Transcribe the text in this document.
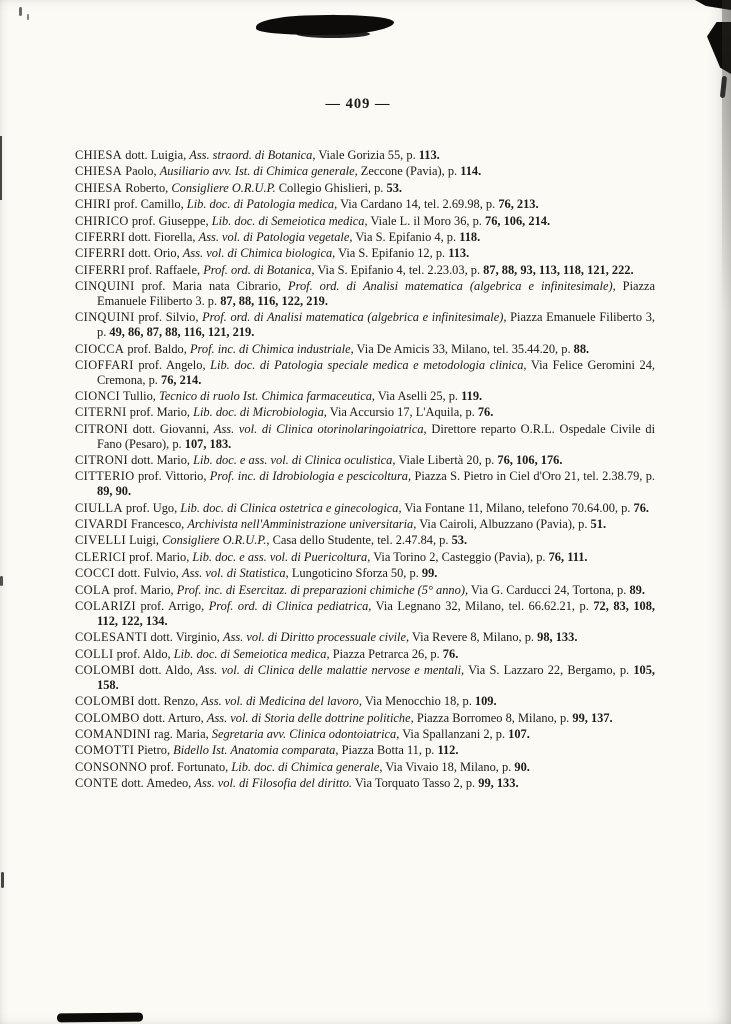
— 409 —

CHIESA dott. Luigia, Ass. straord. di Botanica, Viale Gorizia 55, p. 113.

CHIESA Paolo, Ausiliario avv. Ist. di Chimica generale, Zeccone (Pavia), p. 114.

CHIESA Roberto, Consigliere O.R.U.P. Collegio Ghislieri, p. 53.

CHIRI prof. Camillo, Lib. doc. di Patologia medica, Via Cardano 14, tel. 2.69.98, p. 76, 213.

CHIRICO prof. Giuseppe, Lib. doc. di Semeiotica medica, Viale L. il Moro 36, p. 76, 106, 214.

CIFERRI dott. Fiorella, Ass. vol. di Patologia vegetale, Via S. Epifanio 4, p. 118.

CIFERRI dott. Orio, Ass. vol. di Chimica biologica, Via S. Epifanio 12, p. 113.

CIFERRI prof. Raffaele, Prof. ord. di Botanica, Via S. Epifanio 4, tel. 2.23.03, p. 87, 88, 93, 113, 118, 121, 222.

CINQUINI prof. Maria nata Cibrario, Prof. ord. di Analisi matematica (algebrica e infinitesimale), Piazza Emanuele Filiberto 3. p. 87, 88, 116, 122, 219.

CINQUINI prof. Silvio, Prof. ord. di Analisi matematica (algebrica e infinitesimale), Piazza Emanuele Filiberto 3, p. 49, 86, 87, 88, 116, 121, 219.

CIOCCA prof. Baldo, Prof. inc. di Chimica industriale, Via De Amicis 33, Milano, tel. 35.44.20, p. 88.

CIOFFARI prof. Angelo, Lib. doc. di Patologia speciale medica e metodologia clinica, Via Felice Geromini 24, Cremona, p. 76, 214.

CIONCI Tullio, Tecnico di ruolo Ist. Chimica farmaceutica, Via Aselli 25, p. 119.

CITERNI prof. Mario, Lib. doc. di Microbiologia, Via Accursio 17, L'Aquila, p. 76.

CITRONI dott. Giovanni, Ass. vol. di Clinica otorinolaringoiatrica, Direttore reparto O.R.L. Ospedale Civile di Fano (Pesaro), p. 107, 183.

CITRONI dott. Mario, Lib. doc. e ass. vol. di Clinica oculistica, Viale Libertà 20, p. 76, 106, 176.

CITTERIO prof. Vittorio, Prof. inc. di Idrobiologia e pescicoltura, Piazza S. Pietro in Ciel d'Oro 21, tel. 2.38.79, p. 89, 90.

CIULLA prof. Ugo, Lib. doc. di Clinica ostetrica e ginecologica, Via Fontane 11, Milano, telefono 70.64.00, p. 76.

CIVARDI Francesco, Archivista nell'Amministrazione universitaria, Via Cairoli, Albuzzano (Pavia), p. 51.

CIVELLI Luigi, Consigliere O.R.U.P., Casa dello Studente, tel. 2.47.84, p. 53.

CLERICI prof. Mario, Lib. doc. e ass. vol. di Puericoltura, Via Torino 2, Casteggio (Pavia), p. 76, 111.

COCCI dott. Fulvio, Ass. vol. di Statistica, Lungoticino Sforza 50, p. 99.

COLA prof. Mario, Prof. inc. di Esercitaz. di preparazioni chimiche (5° anno), Via G. Carducci 24, Tortona, p. 89.

COLARIZI prof. Arrigo, Prof. ord. di Clinica pediatrica, Via Legnano 32, Milano, tel. 66.62.21, p. 72, 83, 108, 112, 122, 134.

COLESANTI dott. Virginio, Ass. vol. di Diritto processuale civile, Via Revere 8, Milano, p. 98, 133.

COLLI prof. Aldo, Lib. doc. di Semeiotica medica, Piazza Petrarca 26, p. 76.

COLOMBI dott. Aldo, Ass. vol. di Clinica delle malattie nervose e mentali, Via S. Lazzaro 22, Bergamo, p. 105, 158.

COLOMBI dott. Renzo, Ass. vol. di Medicina del lavoro, Via Menocchio 18, p. 109.

COLOMBO dott. Arturo, Ass. vol. di Storia delle dottrine politiche, Piazza Borromeo 8, Milano, p. 99, 137.

COMANDINI rag. Maria, Segretaria avv. Clinica odontoiatrica, Via Spallanzani 2, p. 107.

COMOTTI Pietro, Bidello Ist. Anatomia comparata, Piazza Botta 11, p. 112.

CONSONNO prof. Fortunato, Lib. doc. di Chimica generale, Via Vivaio 18, Milano, p. 90.

CONTE dott. Amedeo, Ass. vol. di Filosofia del diritto. Via Torquato Tasso 2, p. 99, 133.
